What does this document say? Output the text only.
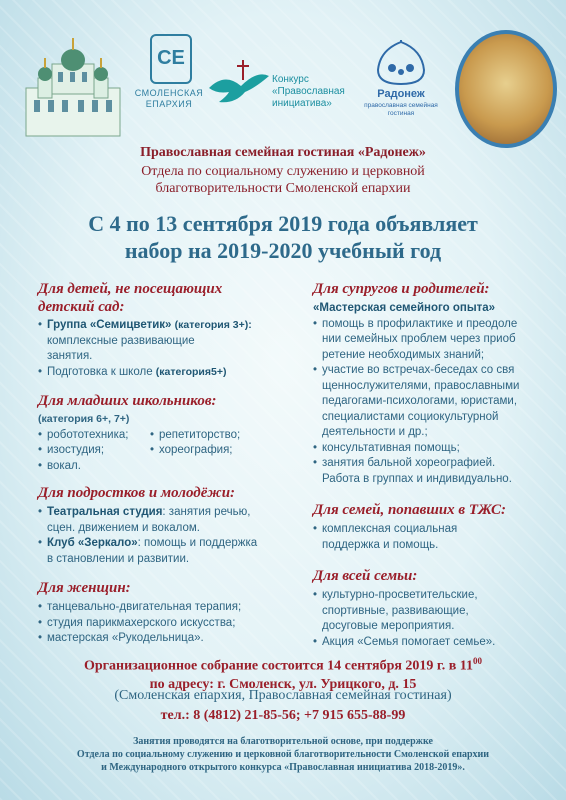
СЕ
СМОЛЕНСКАЯ ЕПАРХИЯ
Конкурс «Православная инициатива»
Радонеж
православная семейная гостиная
Православная семейная гостиная «Радонеж»
Отдела по социальному служению и церковной
благотворительности Смоленской епархии
С 4 по 13 сентября 2019 года объявляет
набор на 2019-2020 учебный год
Для детей, не посещающих
детский сад:
• Группа «Семицветик» (категория 3+):
комплексные развивающие
занятия.
• Подготовка к школе (категория5+)
Для младших школьников:
(категория 6+, 7+)
• робототехника;
• изостудия;
• вокал.
• репетиторство;
• хореография;
Для подростков и молодёжи:
• Театральная студия: занятия речью,
сцен. движением и вокалом.
• Клуб «Зеркало»: помощь и поддержка
в становлении и развитии.
Для женщин:
• танцевально-двигательная терапия;
• студия парикмахерского искусства;
• мастерская «Рукодельница».
Для супругов и родителей:
«Мастерская семейного опыта»
• помощь в профилактике и преодоле
нии семейных проблем через приоб
ретение необходимых знаний;
• участие во встречах-беседах со свя
щеннослужителями, православными
педагогами-психологами, юристами,
специалистами социокультурной
деятельности и др.;
• консультативная помощь;
• занятия бальной хореографией.
Работа в группах и индивидуально.
Для семей, попавших в ТЖС:
• комплексная социальная
поддержка и помощь.
Для всей семьи:
• культурно-просветительские,
спортивные, развивающие,
досуговые мероприятия.
• Акция «Семья помогает семье».
Организационное собрание состоится 14 сентября 2019 г. в $11^{00}$
по адресу: г. Смоленск, ул. Урицкого, д. 15
(Смоленская епархия, Православная семейная гостиная)
тел.: 8 (4812) 21-85-56; +7 915 655-88-99
Занятия проводятся на благотворительной основе, при поддержке
Отдела по социальному служению и церковной благотворительности Смоленской епархии
и Международного открытого конкурса «Православная инициатива 2018-2019».
